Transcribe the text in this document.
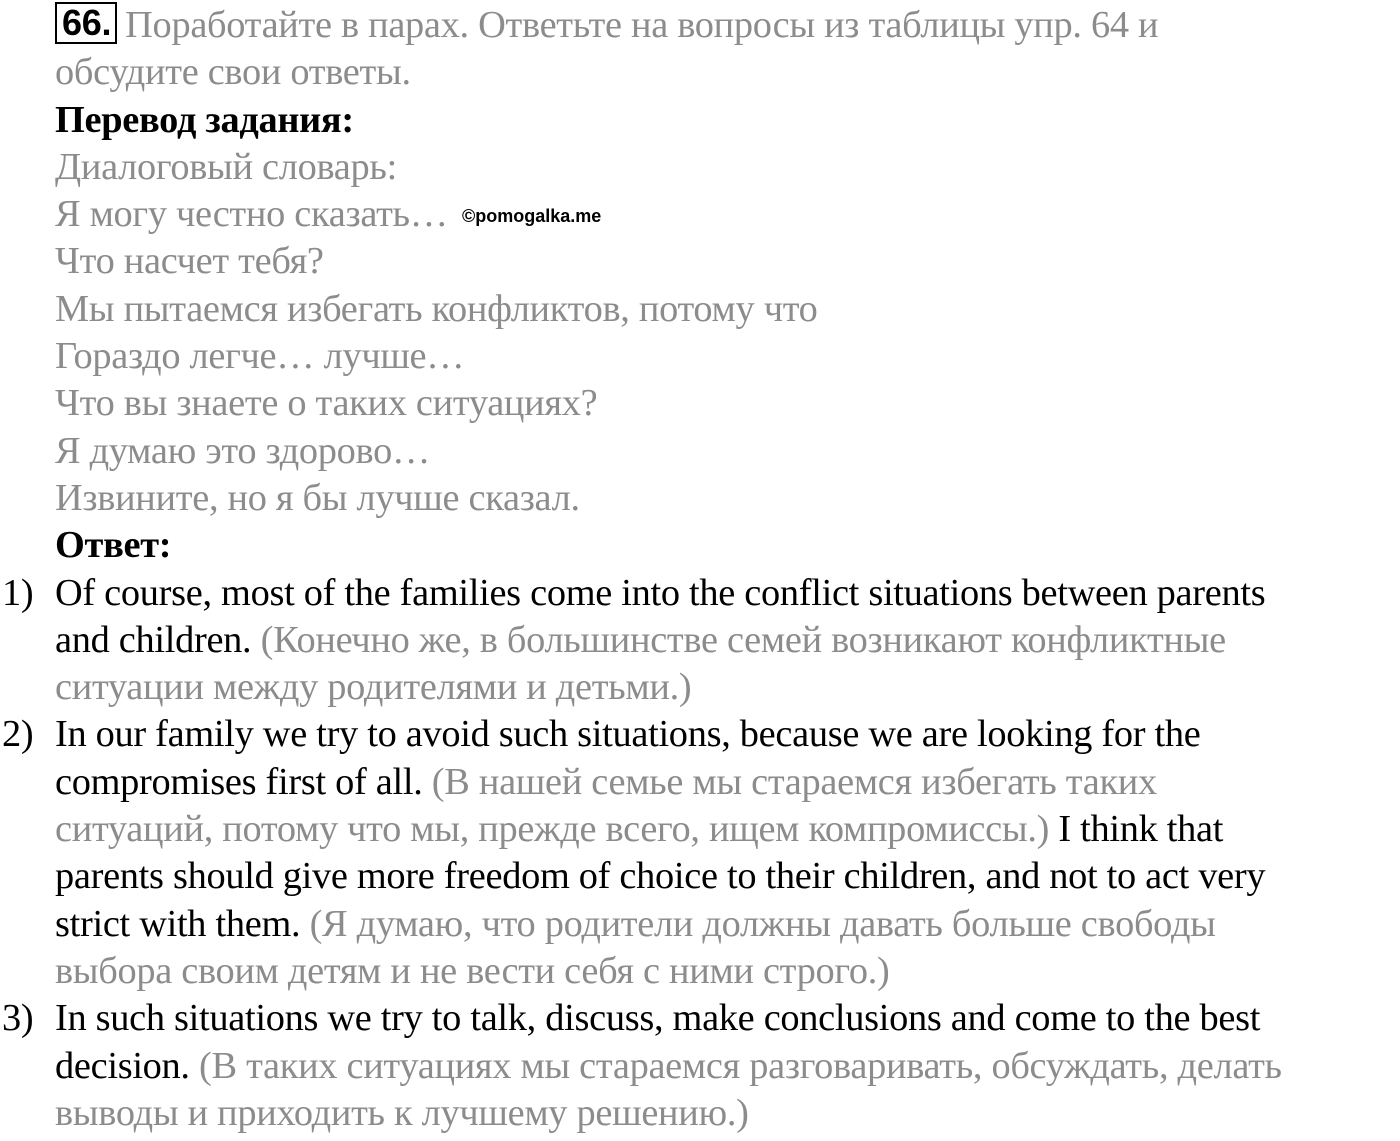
66. Поработайте в парах. Ответьте на вопросы из таблицы упр. 64 и
обсудите свои ответы.
Перевод задания:
Диалоговый словарь:
Я могу честно сказать…
Что насчет тебя?
Мы пытаемся избегать конфликтов, потому что
Гораздо легче… лучше…
Что вы знаете о таких ситуациях?
Я думаю это здорово…
Извините, но я бы лучше сказал.
Ответ:
1) Of course, most of the families come into the conflict situations between parents
and children. (Конечно же, в большинстве семей возникают конфликтные
ситуации между родителями и детьми.)
2) In our family we try to avoid such situations, because we are looking for the
compromises first of all. (В нашей семье мы стараемся избегать таких
ситуаций, потому что мы, прежде всего, ищем компромиссы.) I think that
parents should give more freedom of choice to their children, and not to act very
strict with them. (Я думаю, что родители должны давать больше свободы
выбора своим детям и не вести себя с ними строго.)
3) In such situations we try to talk, discuss, make conclusions and come to the best
decision. (В таких ситуациях мы стараемся разговаривать, обсуждать, делать
выводы и приходить к лучшему решению.)
©pomogalka.me
